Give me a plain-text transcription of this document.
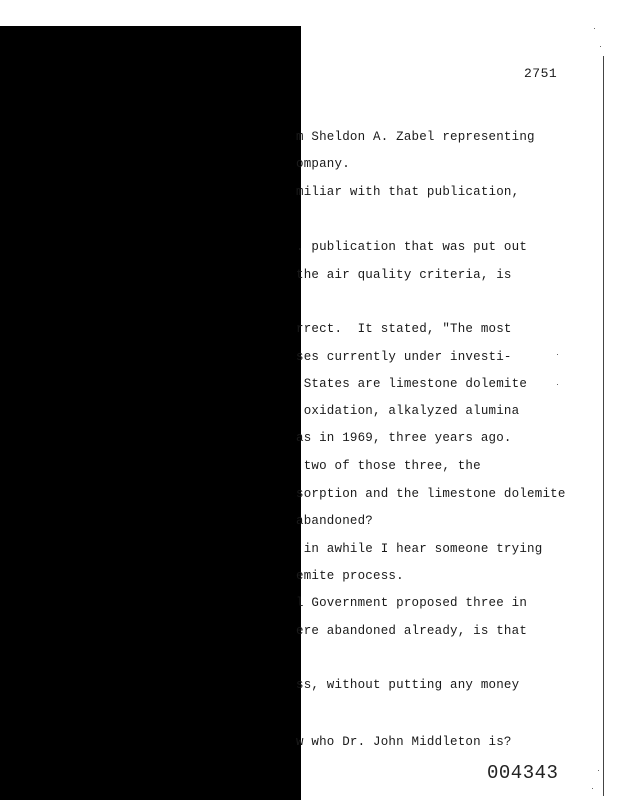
2751
m Sheldon A. Zabel representing
ompany.
miliar with that publication,
. publication that was put out
the air quality criteria, is
rrect.  It stated, "The most
ses currently under investi-
States are limestone dolemite
oxidation, alkalyzed alumina
as in 1969, three years ago.
two of those three, the
sorption and the limestone dolemite
abandoned?
in awhile I hear someone trying
emite process.
l Government proposed three in
ere abandoned already, is that
ss, without putting any money
w who Dr. John Middleton is?
004343
